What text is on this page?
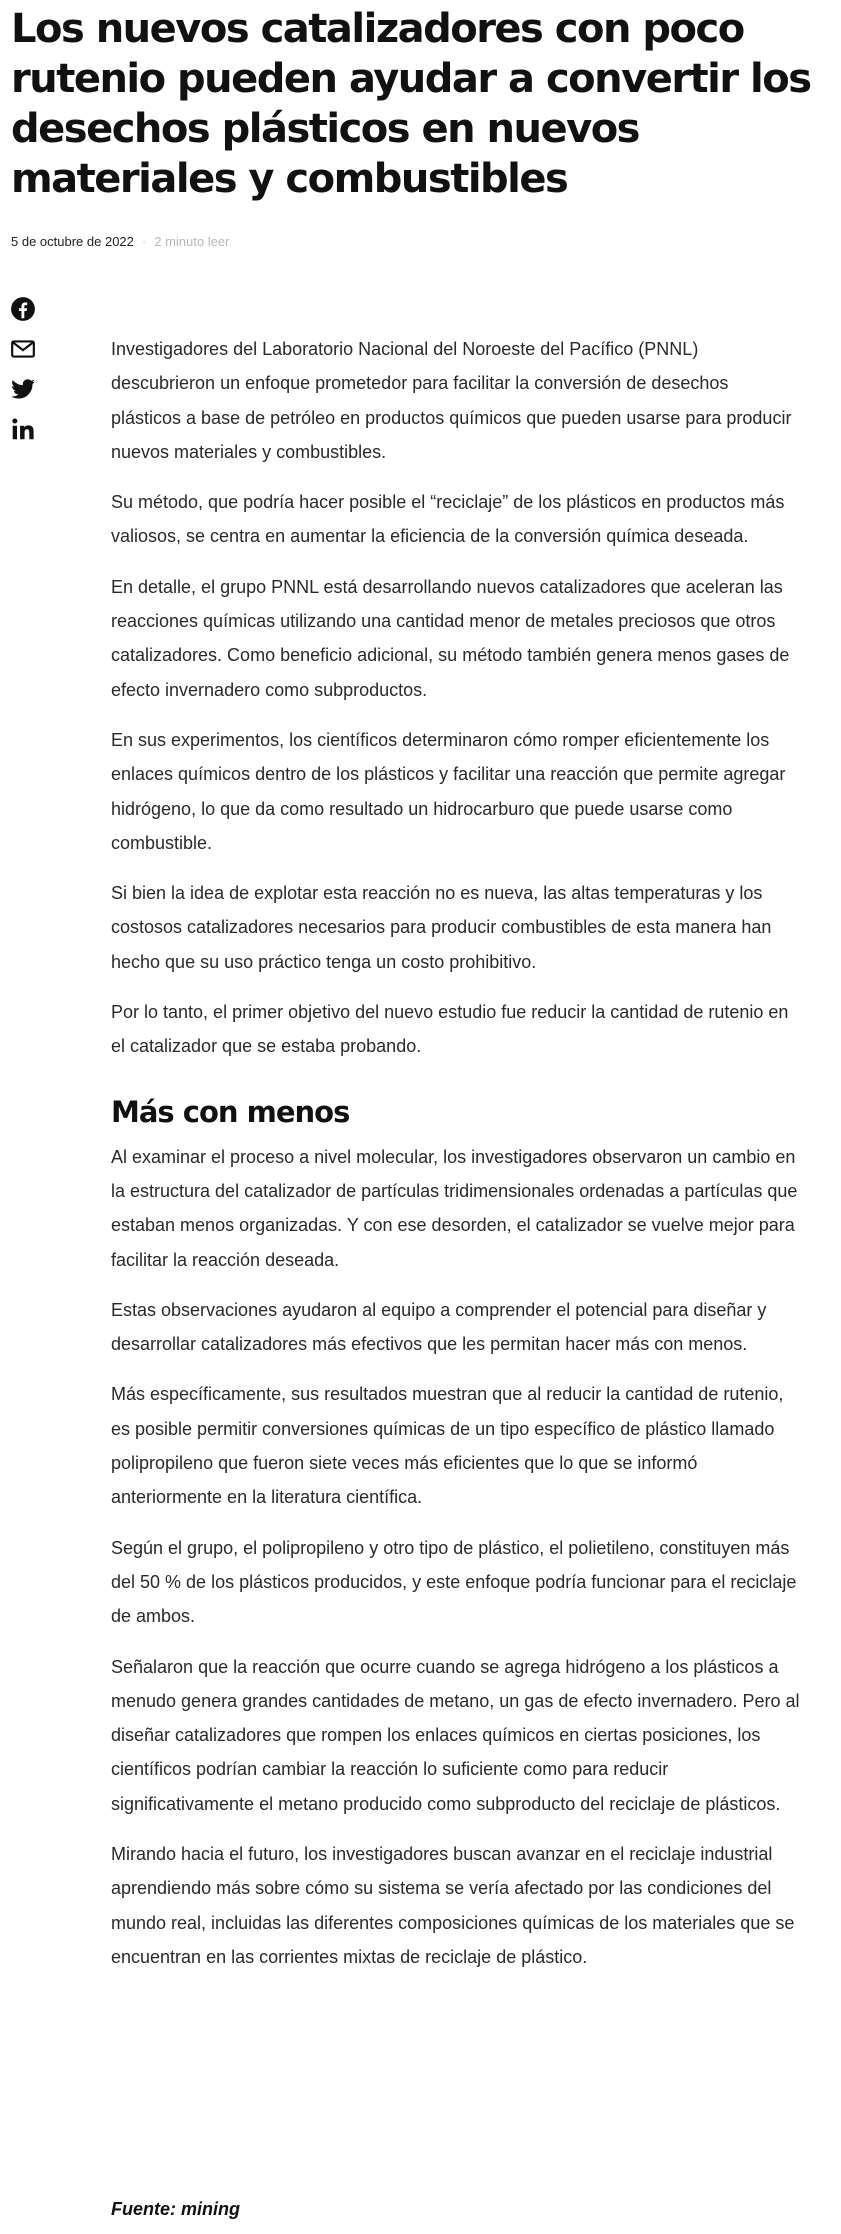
Los nuevos catalizadores con poco rutenio pueden ayudar a convertir los desechos plásticos en nuevos materiales y combustibles
5 de octubre de 2022 · 2 minuto leer

Investigadores del Laboratorio Nacional del Noroeste del Pacífico (PNNL) descubrieron un enfoque prometedor para facilitar la conversión de desechos plásticos a base de petróleo en productos químicos que pueden usarse para producir nuevos materiales y combustibles.

Su método, que podría hacer posible el “reciclaje” de los plásticos en productos más valiosos, se centra en aumentar la eficiencia de la conversión química deseada.

En detalle, el grupo PNNL está desarrollando nuevos catalizadores que aceleran las reacciones químicas utilizando una cantidad menor de metales preciosos que otros catalizadores. Como beneficio adicional, su método también genera menos gases de efecto invernadero como subproductos.

En sus experimentos, los científicos determinaron cómo romper eficientemente los enlaces químicos dentro de los plásticos y facilitar una reacción que permite agregar hidrógeno, lo que da como resultado un hidrocarburo que puede usarse como combustible.

Si bien la idea de explotar esta reacción no es nueva, las altas temperaturas y los costosos catalizadores necesarios para producir combustibles de esta manera han hecho que su uso práctico tenga un costo prohibitivo.

Por lo tanto, el primer objetivo del nuevo estudio fue reducir la cantidad de rutenio en el catalizador que se estaba probando.

Más con menos

Al examinar el proceso a nivel molecular, los investigadores observaron un cambio en la estructura del catalizador de partículas tridimensionales ordenadas a partículas que estaban menos organizadas. Y con ese desorden, el catalizador se vuelve mejor para facilitar la reacción deseada.

Estas observaciones ayudaron al equipo a comprender el potencial para diseñar y desarrollar catalizadores más efectivos que les permitan hacer más con menos.

Más específicamente, sus resultados muestran que al reducir la cantidad de rutenio, es posible permitir conversiones químicas de un tipo específico de plástico llamado polipropileno que fueron siete veces más eficientes que lo que se informó anteriormente en la literatura científica.

Según el grupo, el polipropileno y otro tipo de plástico, el polietileno, constituyen más del 50 % de los plásticos producidos, y este enfoque podría funcionar para el reciclaje de ambos.

Señalaron que la reacción que ocurre cuando se agrega hidrógeno a los plásticos a menudo genera grandes cantidades de metano, un gas de efecto invernadero. Pero al diseñar catalizadores que rompen los enlaces químicos en ciertas posiciones, los científicos podrían cambiar la reacción lo suficiente como para reducir significativamente el metano producido como subproducto del reciclaje de plásticos.

Mirando hacia el futuro, los investigadores buscan avanzar en el reciclaje industrial aprendiendo más sobre cómo su sistema se vería afectado por las condiciones del mundo real, incluidas las diferentes composiciones químicas de los materiales que se encuentran en las corrientes mixtas de reciclaje de plástico.

Fuente: mining
